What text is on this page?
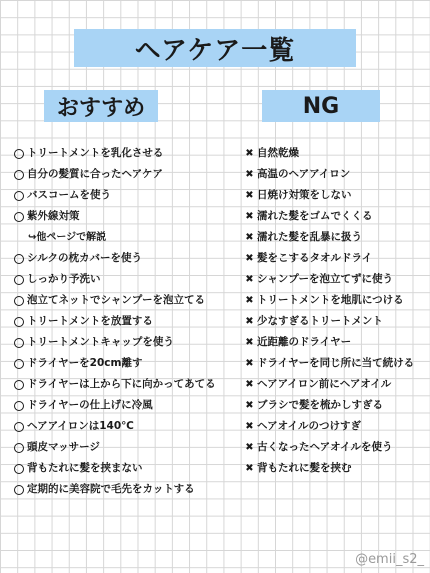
ヘアケア一覧
おすすめ	NG
トリートメントを乳化させる
自分の髪質に合ったヘアケア
バスコームを使う
紫外線対策
↪︎他ページで解説
シルクの枕カバーを使う
しっかり予洗い
泡立てネットでシャンプーを泡立てる
トリートメントを放置する
トリートメントキャップを使う
ドライヤーを20cm離す
ドライヤーは上から下に向かってあてる
ドライヤーの仕上げに冷風
ヘアアイロンは140℃
頭皮マッサージ
背もたれに髪を挟まない
定期的に美容院で毛先をカットする
✖ 自然乾燥
✖ 高温のヘアアイロン
✖ 日焼け対策をしない
✖ 濡れた髪をゴムでくくる
✖ 濡れた髪を乱暴に扱う
✖ 髪をこするタオルドライ
✖ シャンプーを泡立てずに使う
✖ トリートメントを地肌につける
✖ 少なすぎるトリートメント
✖ 近距離のドライヤー
✖ ドライヤーを同じ所に当て続ける
✖ ヘアアイロン前にヘアオイル
✖ ブラシで髪を梳かしすぎる
✖ ヘアオイルのつけすぎ
✖ 古くなったヘアオイルを使う
✖ 背もたれに髪を挟む
@emii_s2_
